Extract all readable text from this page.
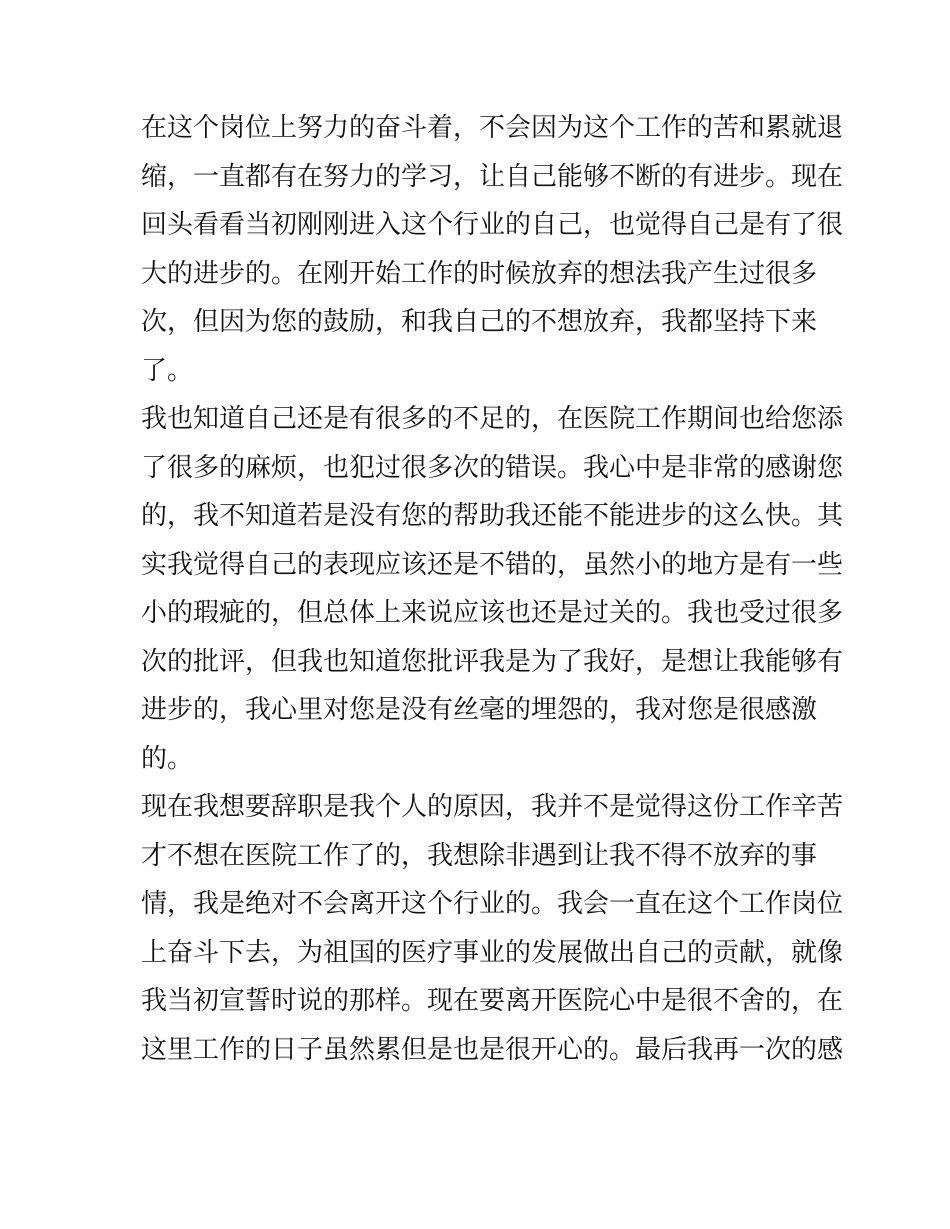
在这个岗位上努力的奋斗着，不会因为这个工作的苦和累就退
缩，一直都有在努力的学习，让自己能够不断的有进步。现在
回头看看当初刚刚进入这个行业的自己，也觉得自己是有了很
大的进步的。在刚开始工作的时候放弃的想法我产生过很多
次，但因为您的鼓励，和我自己的不想放弃，我都坚持下来
了。
我也知道自己还是有很多的不足的，在医院工作期间也给您添
了很多的麻烦，也犯过很多次的错误。我心中是非常的感谢您
的，我不知道若是没有您的帮助我还能不能进步的这么快。其
实我觉得自己的表现应该还是不错的，虽然小的地方是有一些
小的瑕疵的，但总体上来说应该也还是过关的。我也受过很多
次的批评，但我也知道您批评我是为了我好，是想让我能够有
进步的，我心里对您是没有丝毫的埋怨的，我对您是很感激
的。
现在我想要辞职是我个人的原因，我并不是觉得这份工作辛苦
才不想在医院工作了的，我想除非遇到让我不得不放弃的事
情，我是绝对不会离开这个行业的。我会一直在这个工作岗位
上奋斗下去，为祖国的医疗事业的发展做出自己的贡献，就像
我当初宣誓时说的那样。现在要离开医院心中是很不舍的，在
这里工作的日子虽然累但是也是很开心的。最后我再一次的感
